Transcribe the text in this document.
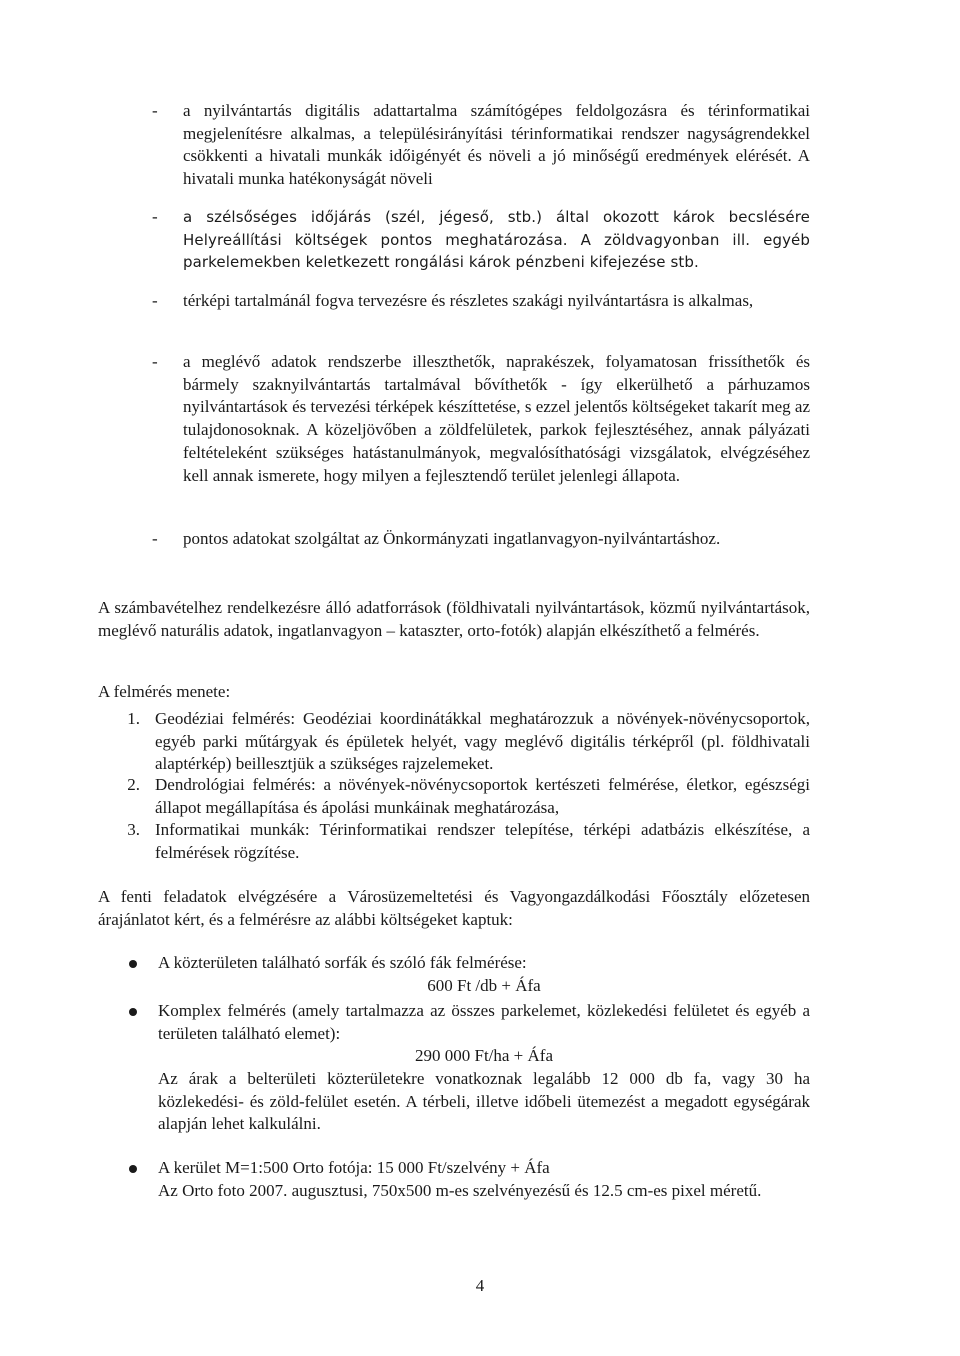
- a nyilvántartás digitális adattartalma számítógépes feldolgozásra és térinformatikai megjelenítésre alkalmas, a településirányítási térinformatikai rendszer nagyságrendekkel csökkenti a hivatali munkák időigényét és növeli a jó minőségű eredmények elérését. A hivatali munka hatékonyságát növeli

- a szélsőséges időjárás (szél, jégeső, stb.) által okozott károk becslésére Helyreállítási költségek pontos meghatározása. A zöldvagyonban ill. egyéb parkelemekben keletkezett rongálási károk pénzbeni kifejezése stb.

- térképi tartalmánál fogva tervezésre és részletes szakági nyilvántartásra is alkalmas,

- a meglévő adatok rendszerbe illeszthetők, naprakészek, folyamatosan frissíthetők és bármely szaknyilvántartás tartalmával bővíthetők - így elkerülhető a párhuzamos nyilvántartások és tervezési térképek készíttetése, s ezzel jelentős költségeket takarít meg az tulajdonosoknak. A közeljövőben a zöldfelületek, parkok fejlesztéséhez, annak pályázati feltételeként szükséges hatástanulmányok, megvalósíthatósági vizsgálatok, elvégzéséhez kell annak ismerete, hogy milyen a fejlesztendő terület jelenlegi állapota.

- pontos adatokat szolgáltat az Önkormányzati ingatlanvagyon-nyilvántartáshoz.

A számbavételhez rendelkezésre álló adatforrások (földhivatali nyilvántartások, közmű nyilvántartások, meglévő naturális adatok, ingatlanvagyon – kataszter, orto-fotók) alapján elkészíthető a felmérés.

A felmérés menete:

1. Geodéziai felmérés: Geodéziai koordinátákkal meghatározzuk a növények-növénycsoportok, egyéb parki műtárgyak és épületek helyét, vagy meglévő digitális térképről (pl. földhivatali alaptérkép) beillesztjük a szükséges rajzelemeket.

2. Dendrológiai felmérés: a növények-növénycsoportok kertészeti felmérése, életkor, egészségi állapot megállapítása és ápolási munkáinak meghatározása,

3. Informatikai munkák: Térinformatikai rendszer telepítése, térképi adatbázis elkészítése, a felmérések rögzítése.

A fenti feladatok elvégzésére a Városüzemeltetési és Vagyongazdálkodási Főosztály előzetesen árajánlatot kért, és a felmérésre az alábbi költségeket kaptuk:

A közterületen található sorfák és szóló fák felmérése:

600 Ft /db + Áfa

Komplex felmérés (amely tartalmazza az összes parkelemet, közlekedési felületet és egyéb a területen található elemet):

290 000 Ft/ha + Áfa

Az árak a belterületi közterületekre vonatkoznak legalább 12 000 db fa, vagy 30 ha közlekedési- és zöld-felület esetén. A térbeli, illetve időbeli ütemezést a megadott egységárak alapján lehet kalkulálni.

A kerület M=1:500 Orto fotója: 15 000 Ft/szelvény + Áfa

Az Orto foto 2007. augusztusi, 750x500 m-es szelvényezésű és 12.5 cm-es pixel méretű.

4
